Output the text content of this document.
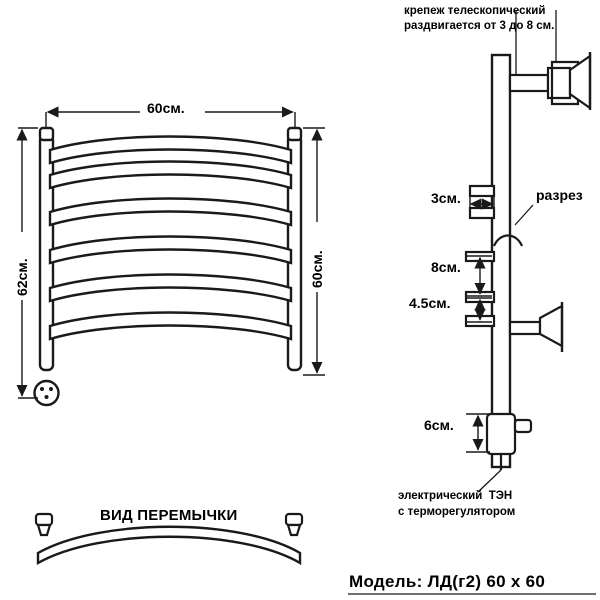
60см.
62см.	60см.
ВИД ПЕРЕМЫЧКИ
крепеж телескопический
раздвигается от 3 до 8 см.
3см.	разрез
8см.
4.5см.
6см.
электрический  ТЭН
с терморегулятором
Модель: ЛД(г2) 60 x 60
